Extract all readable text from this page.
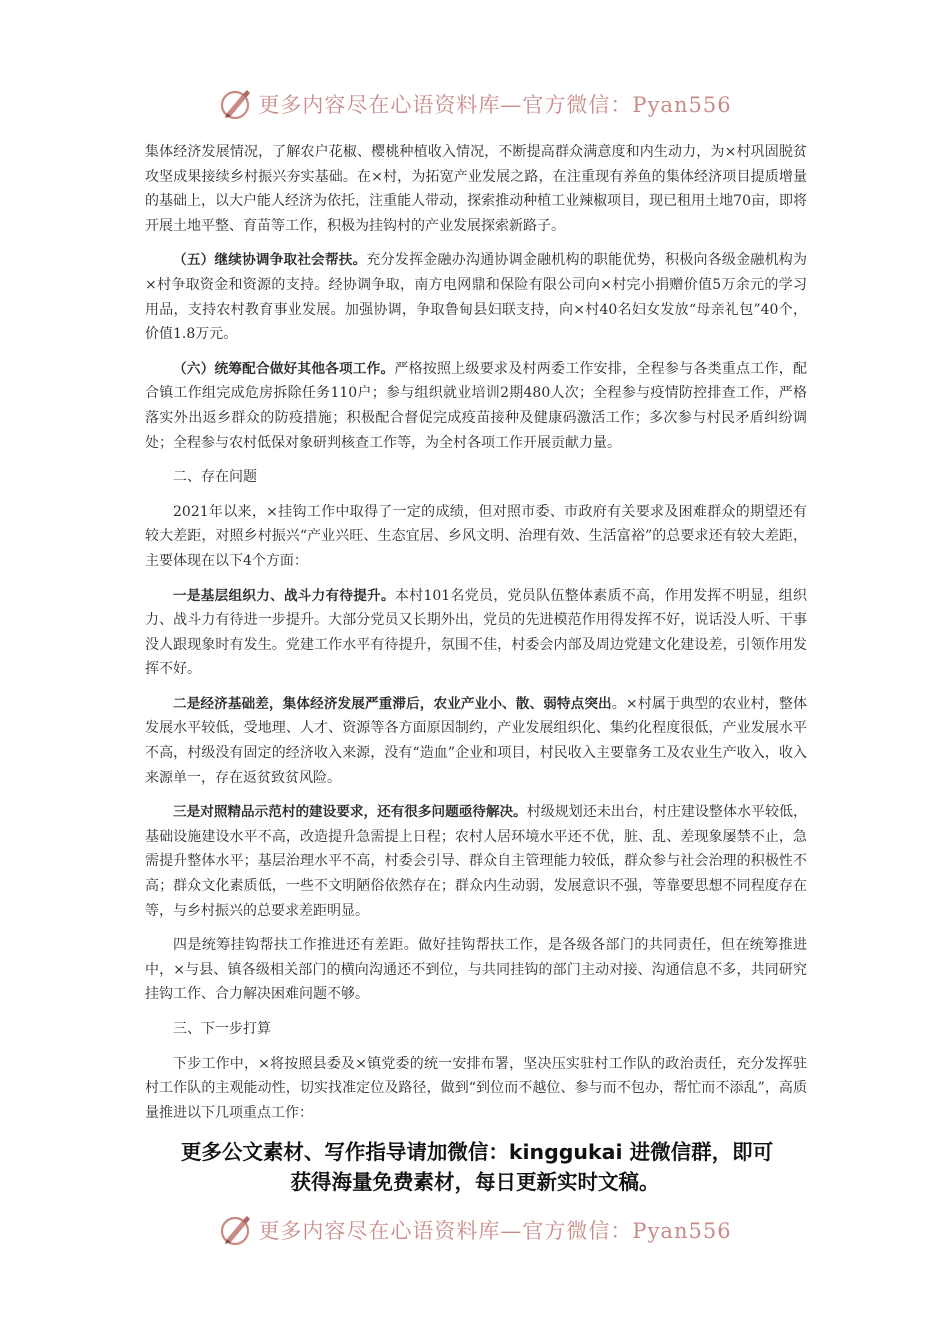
更多内容尽在心语资料库—官方微信：Pyan556

集体经济发展情况，了解农户花椒、樱桃种植收入情况，不断提高群众满意度和内生动力，为×村巩固脱贫攻坚成果接续乡村振兴夯实基础。在×村，为拓宽产业发展之路，在注重现有养鱼的集体经济项目提质增量的基础上，以大户能人经济为依托，注重能人带动，探索推动种植工业辣椒项目，现已租用土地70亩，即将开展土地平整、育苗等工作，积极为挂钩村的产业发展探索新路子。

（五）继续协调争取社会帮扶。充分发挥金融办沟通协调金融机构的职能优势，积极向各级金融机构为×村争取资金和资源的支持。经协调争取，南方电网鼎和保险有限公司向×村完小捐赠价值5万余元的学习用品，支持农村教育事业发展。加强协调，争取鲁甸县妇联支持，向×村40名妇女发放“母亲礼包”40个，价值1.8万元。

（六）统筹配合做好其他各项工作。严格按照上级要求及村两委工作安排，全程参与各类重点工作，配合镇工作组完成危房拆除任务110户；参与组织就业培训2期480人次；全程参与疫情防控排查工作，严格落实外出返乡群众的防疫措施；积极配合督促完成疫苗接种及健康码激活工作；多次参与村民矛盾纠纷调处；全程参与农村低保对象研判核查工作等，为全村各项工作开展贡献力量。

二、存在问题

2021年以来，×挂钩工作中取得了一定的成绩，但对照市委、市政府有关要求及困难群众的期望还有较大差距，对照乡村振兴“产业兴旺、生态宜居、乡风文明、治理有效、生活富裕”的总要求还有较大差距，主要体现在以下4个方面：

一是基层组织力、战斗力有待提升。本村101名党员，党员队伍整体素质不高，作用发挥不明显，组织力、战斗力有待进一步提升。大部分党员又长期外出，党员的先进模范作用得发挥不好，说话没人听、干事没人跟现象时有发生。党建工作水平有待提升，氛围不佳，村委会内部及周边党建文化建设差，引领作用发挥不好。

二是经济基础差，集体经济发展严重滞后，农业产业小、散、弱特点突出。×村属于典型的农业村，整体发展水平较低，受地理、人才、资源等各方面原因制约，产业发展组织化、集约化程度很低，产业发展水平不高，村级没有固定的经济收入来源，没有“造血”企业和项目，村民收入主要靠务工及农业生产收入，收入来源单一，存在返贫致贫风险。

三是对照精品示范村的建设要求，还有很多问题亟待解决。村级规划还未出台，村庄建设整体水平较低，基础设施建设水平不高，改造提升急需提上日程；农村人居环境水平还不优，脏、乱、差现象屡禁不止，急需提升整体水平；基层治理水平不高，村委会引导、群众自主管理能力较低，群众参与社会治理的积极性不高；群众文化素质低，一些不文明陋俗依然存在；群众内生动弱，发展意识不强，等靠要思想不同程度存在等，与乡村振兴的总要求差距明显。

四是统筹挂钩帮扶工作推进还有差距。做好挂钩帮扶工作，是各级各部门的共同责任，但在统筹推进中，×与县、镇各级相关部门的横向沟通还不到位，与共同挂钩的部门主动对接、沟通信息不多，共同研究挂钩工作、合力解决困难问题不够。

三、下一步打算

下步工作中，×将按照县委及×镇党委的统一安排布署，坚决压实驻村工作队的政治责任，充分发挥驻村工作队的主观能动性，切实找准定位及路径，做到“到位而不越位、参与而不包办，帮忙而不添乱”，高质量推进以下几项重点工作：

更多公文素材、写作指导请加微信：kinggukai 进微信群，即可
获得海量免费素材，每日更新实时文稿。
更多内容尽在心语资料库—官方微信：Pyan556
